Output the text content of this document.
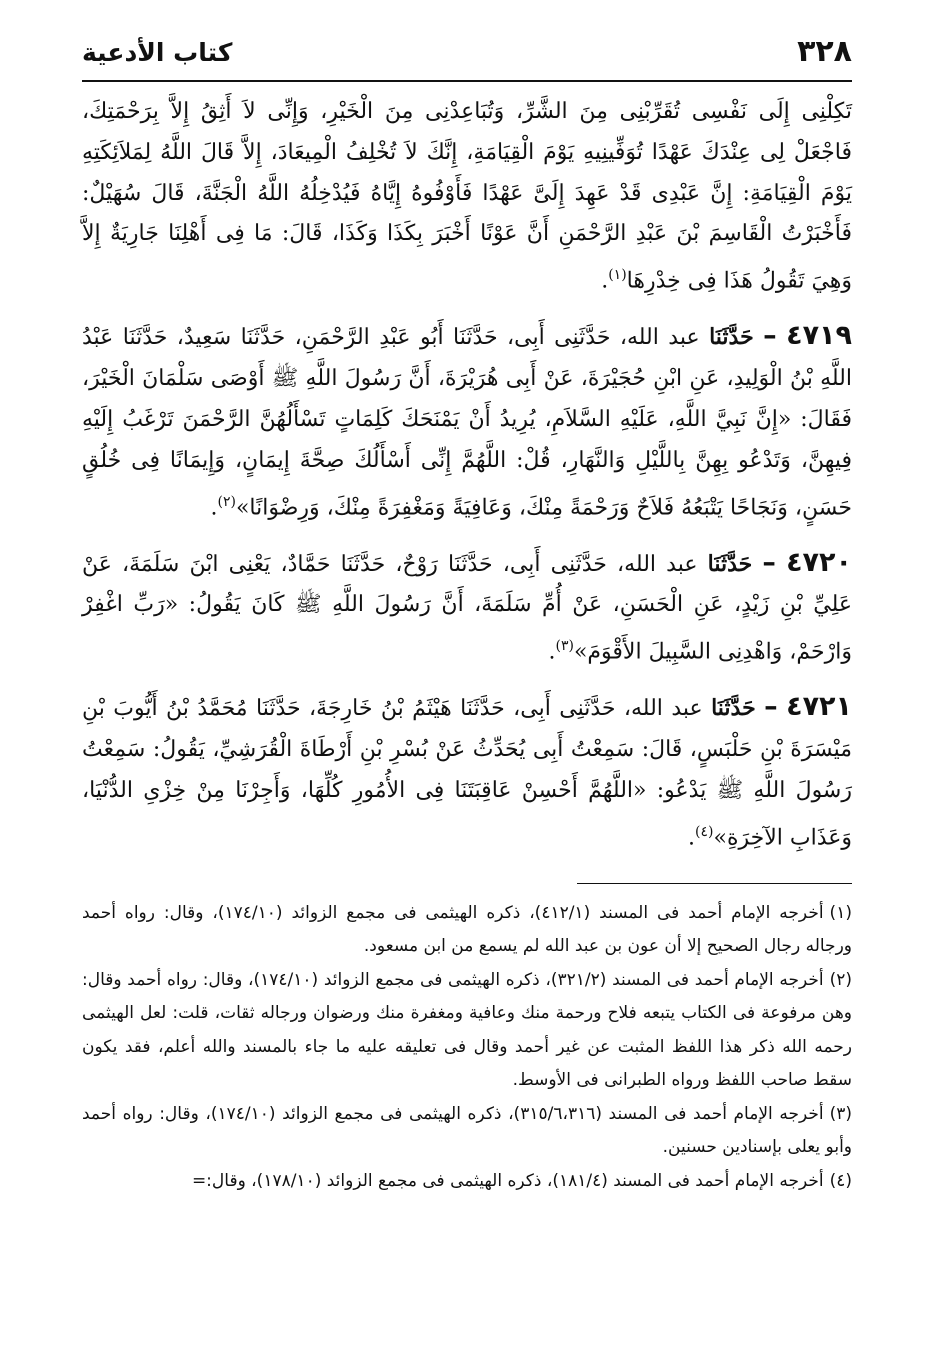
٣٢٨
كتاب الأدعية

تَكِلْنِى إِلَى نَفْسِى تُقَرِّبْنِى مِنَ الشَّرِّ، وَتُبَاعِدْنِى مِنَ الْخَيْرِ، وَإِنِّى لاَ أَثِقُ إِلاَّ بِرَحْمَتِكَ، فَاجْعَلْ لِى عِنْدَكَ عَهْدًا تُوَفِّينِيهِ يَوْمَ الْقِيَامَةِ، إِنَّكَ لاَ تُخْلِفُ الْمِيعَادَ، إِلاَّ قَالَ اللَّهُ لِمَلاَئِكَتِهِ يَوْمَ الْقِيَامَةِ: إِنَّ عَبْدِى قَدْ عَهِدَ إِلَىَّ عَهْدًا فَأَوْفُوهُ إِيَّاهُ فَيُدْخِلُهُ اللَّهُ الْجَنَّةَ، قَالَ سُهَيْلٌ: فَأَخْبَرْتُ الْقَاسِمَ بْنَ عَبْدِ الرَّحْمَنِ أَنَّ عَوْنًا أَخْبَرَ بِكَذَا وَكَذَا، قَالَ: مَا فِى أَهْلِنَا جَارِيَةٌ إِلاَّ وَهِيَ تَقُولُ هَذَا فِى خِدْرِهَا$^{(١)}$.

٤٧١٩ – حَدَّثَنَا عبد الله، حَدَّثَنِى أَبِى، حَدَّثَنَا أَبُو عَبْدِ الرَّحْمَنِ، حَدَّثَنَا سَعِيدٌ، حَدَّثَنَا عَبْدُ اللَّهِ بْنُ الْوَلِيدِ، عَنِ ابْنِ حُجَيْرَةَ، عَنْ أَبِى هُرَيْرَةَ، أَنَّ رَسُولَ اللَّهِ ﷺ أَوْصَى سَلْمَانَ الْخَيْرَ، فَقَالَ: «إِنَّ نَبِيَّ اللَّهِ، عَلَيْهِ السَّلاَمِ، يُرِيدُ أَنْ يَمْنَحَكَ كَلِمَاتٍ تَسْأَلُهُنَّ الرَّحْمَنَ تَرْغَبُ إِلَيْهِ فِيهِنَّ، وَتَدْعُو بِهِنَّ بِاللَّيْلِ وَالنَّهَارِ، قُلْ: اللَّهُمَّ إِنِّى أَسْأَلُكَ صِحَّةَ إِيمَانٍ، وَإِيمَانًا فِى خُلُقٍ حَسَنٍ، وَنَجَاحًا يَتْبَعُهُ فَلاَحٌ وَرَحْمَةً مِنْكَ، وَعَافِيَةً وَمَغْفِرَةً مِنْكَ، وَرِضْوَانًا»$^{(٢)}$.

٤٧٢٠ – حَدَّثَنَا عبد الله، حَدَّثَنِى أَبِى، حَدَّثَنَا رَوْحٌ، حَدَّثَنَا حَمَّادٌ، يَعْنِى ابْنَ سَلَمَةَ، عَنْ عَلِيِّ بْنِ زَيْدٍ، عَنِ الْحَسَنِ، عَنْ أُمِّ سَلَمَةَ، أَنَّ رَسُولَ اللَّهِ ﷺ كَانَ يَقُولُ: «رَبِّ اغْفِرْ وَارْحَمْ، وَاهْدِنِى السَّبِيلَ الأَقْوَمَ»$^{(٣)}$.

٤٧٢١ – حَدَّثَنَا عبد الله، حَدَّثَنِى أَبِى، حَدَّثَنَا هَيْثَمُ بْنُ خَارِجَةَ، حَدَّثَنَا مُحَمَّدُ بْنُ أَيُّوبَ بْنِ مَيْسَرَةَ بْنِ حَلْبَسٍ، قَالَ: سَمِعْتُ أَبِى يُحَدِّثُ عَنْ بُسْرِ بْنِ أَرْطَاةَ الْقُرَشِيِّ، يَقُولُ: سَمِعْتُ رَسُولَ اللَّهِ ﷺ يَدْعُو: «اللَّهُمَّ أَحْسِنْ عَاقِبَتَنَا فِى الأُمُورِ كُلِّهَا، وَأَجِرْنَا مِنْ خِزْىِ الدُّنْيَا، وَعَذَابِ الآخِرَةِ»$^{(٤)}$.

(١)أخرجه الإمام أحمد فى المسند (٤١٢/١)، ذكره الهيثمى فى مجمع الزوائد (١٧٤/١٠)، وقال: رواه أحمد ورجاله رجال الصحيح إلا أن عون بن عبد الله لم يسمع من ابن مسعود.

(٢)أخرجه الإمام أحمد فى المسند (٣٢١/٢)، ذكره الهيثمى فى مجمع الزوائد (١٧٤/١٠)، وقال: رواه أحمد وقال: وهن مرفوعة فى الكتاب يتبعه فلاح ورحمة منك وعافية ومغفرة منك ورضوان ورجاله ثقات، قلت: لعل الهيثمى رحمه الله ذكر هذا اللفظ المثبت عن غير أحمد وقال فى تعليقه عليه ما جاء بالمسند والله أعلم، فقد يكون سقط صاحب اللفظ ورواه الطبرانى فى الأوسط.

(٣)أخرجه الإمام أحمد فى المسند (٣١٥/٦،٣١٦)، ذكره الهيثمى فى مجمع الزوائد (١٧٤/١٠)، وقال: رواه أحمد وأبو يعلى بإسنادين حسنين.

(٤)أخرجه الإمام أحمد فى المسند (١٨١/٤)، ذكره الهيثمى فى مجمع الزوائد (١٧٨/١٠)، وقال:=
